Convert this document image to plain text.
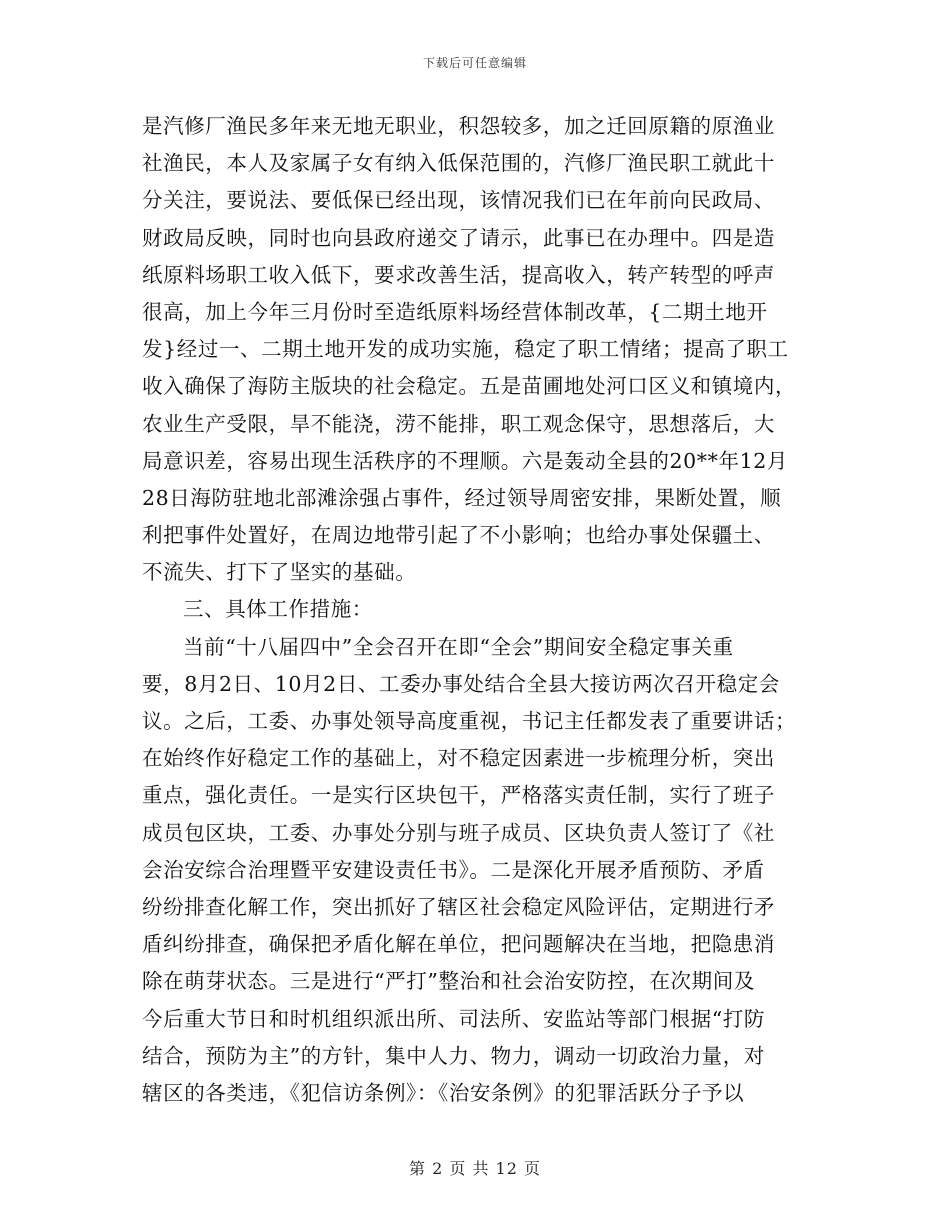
下载后可任意编辑
是汽修厂渔民多年来无地无职业，积怨较多，加之迁回原籍的原渔业
社渔民，本人及家属子女有纳入低保范围的，汽修厂渔民职工就此十
分关注，要说法、要低保已经出现，该情况我们已在年前向民政局、
财政局反映，同时也向县政府递交了请示，此事已在办理中。四是造
纸原料场职工收入低下，要求改善生活，提高收入，转产转型的呼声
很高，加上今年三月份时至造纸原料场经营体制改革，{二期土地开
发}经过一、二期土地开发的成功实施，稳定了职工情绪；提高了职工
收入确保了海防主版块的社会稳定。五是苗圃地处河口区义和镇境内，
农业生产受限，旱不能浇，涝不能排，职工观念保守，思想落后，大
局意识差，容易出现生活秩序的不理顺。六是轰动全县的20**年12月
28日海防驻地北部滩涂强占事件，经过领导周密安排，果断处置，顺
利把事件处置好，在周边地带引起了不小影响；也给办事处保疆土、
不流失、打下了坚实的基础。
三、具体工作措施：
当前“十八届四中”全会召开在即“全会”期间安全稳定事关重
要，8月2日、10月2日、工委办事处结合全县大接访两次召开稳定会
议。之后，工委、办事处领导高度重视，书记主任都发表了重要讲话；
在始终作好稳定工作的基础上，对不稳定因素进一步梳理分析，突出
重点，强化责任。一是实行区块包干，严格落实责任制，实行了班子
成员包区块，工委、办事处分别与班子成员、区块负责人签订了《社
会治安综合治理暨平安建设责任书》。二是深化开展矛盾预防、矛盾
纷纷排查化解工作，突出抓好了辖区社会稳定风险评估，定期进行矛
盾纠纷排查，确保把矛盾化解在单位，把问题解决在当地，把隐患消
除在萌芽状态。三是进行“严打”整治和社会治安防控，在次期间及
今后重大节日和时机组织派出所、司法所、安监站等部门根据“打防
结合，预防为主”的方针，集中人力、物力，调动一切政治力量，对
辖区的各类违，《犯信访条例》：《治安条例》的犯罪活跃分子予以
第 2 页 共 12 页
